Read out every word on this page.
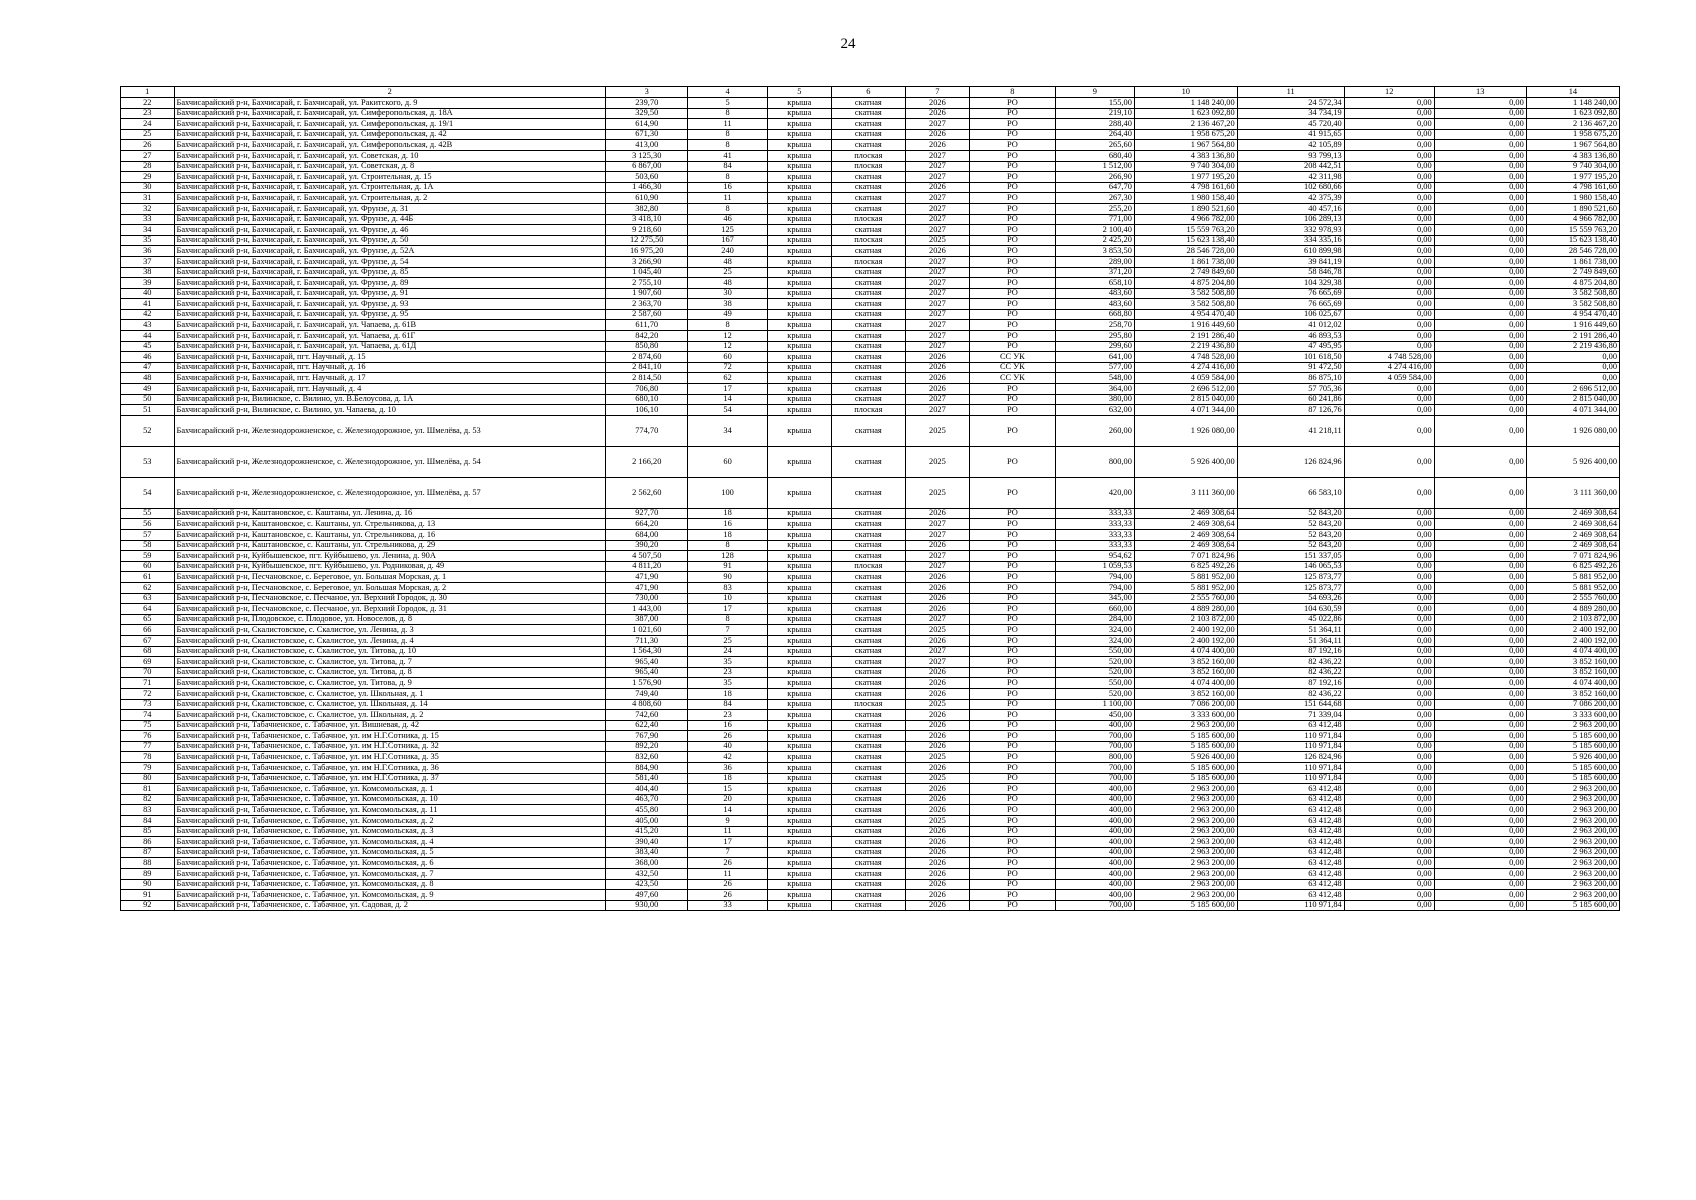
24
1	2	3	4	5	6	7	8	9	10	11	12	13	14
22	Бахчисарайский р-н, Бахчисарай, г. Бахчисарай, ул. Ракитского, д. 9	239,70	5	крыша	скатная	2026	РО	155,00	1 148 240,00	24 572,34	0,00	0,00	1 148 240,00
23	Бахчисарайский р-н, Бахчисарай, г. Бахчисарай, ул. Симферопольская, д. 18А	329,50	8	крыша	скатная	2026	РО	219,10	1 623 092,80	34 734,19	0,00	0,00	1 623 092,80
24	Бахчисарайский р-н, Бахчисарай, г. Бахчисарай, ул. Симферопольская, д. 19/1	614,90	11	крыша	скатная	2027	РО	288,40	2 136 467,20	45 720,40	0,00	0,00	2 136 467,20
25	Бахчисарайский р-н, Бахчисарай, г. Бахчисарай, ул. Симферопольская, д. 42	671,30	8	крыша	скатная	2026	РО	264,40	1 958 675,20	41 915,65	0,00	0,00	1 958 675,20
26	Бахчисарайский р-н, Бахчисарай, г. Бахчисарай, ул. Симферопольская, д. 42В	413,00	8	крыша	скатная	2026	РО	265,60	1 967 564,80	42 105,89	0,00	0,00	1 967 564,80
27	Бахчисарайский р-н, Бахчисарай, г. Бахчисарай, ул. Советская, д. 10	3 125,30	41	крыша	плоская	2027	РО	680,40	4 383 136,80	93 799,13	0,00	0,00	4 383 136,80
28	Бахчисарайский р-н, Бахчисарай, г. Бахчисарай, ул. Советская, д. 8	6 867,00	84	крыша	плоская	2027	РО	1 512,00	9 740 304,00	208 442,51	0,00	0,00	9 740 304,00
29	Бахчисарайский р-н, Бахчисарай, г. Бахчисарай, ул. Строительная, д. 15	503,60	8	крыша	скатная	2027	РО	266,90	1 977 195,20	42 311,98	0,00	0,00	1 977 195,20
30	Бахчисарайский р-н, Бахчисарай, г. Бахчисарай, ул. Строительная, д. 1А	1 466,30	16	крыша	скатная	2026	РО	647,70	4 798 161,60	102 680,66	0,00	0,00	4 798 161,60
31	Бахчисарайский р-н, Бахчисарай, г. Бахчисарай, ул. Строительная, д. 2	610,90	11	крыша	скатная	2027	РО	267,30	1 980 158,40	42 375,39	0,00	0,00	1 980 158,40
32	Бахчисарайский р-н, Бахчисарай, г. Бахчисарай, ул. Фрунзе, д. 31	382,80	8	крыша	скатная	2027	РО	255,20	1 890 521,60	40 457,16	0,00	0,00	1 890 521,60
33	Бахчисарайский р-н, Бахчисарай, г. Бахчисарай, ул. Фрунзе, д. 44Б	3 418,10	46	крыша	плоская	2027	РО	771,00	4 966 782,00	106 289,13	0,00	0,00	4 966 782,00
34	Бахчисарайский р-н, Бахчисарай, г. Бахчисарай, ул. Фрунзе, д. 46	9 218,60	125	крыша	скатная	2027	РО	2 100,40	15 559 763,20	332 978,93	0,00	0,00	15 559 763,20
35	Бахчисарайский р-н, Бахчисарай, г. Бахчисарай, ул. Фрунзе, д. 50	12 275,50	167	крыша	плоская	2025	РО	2 425,20	15 623 138,40	334 335,16	0,00	0,00	15 623 138,40
36	Бахчисарайский р-н, Бахчисарай, г. Бахчисарай, ул. Фрунзе, д. 52А	16 975,20	240	крыша	скатная	2026	РО	3 853,50	28 546 728,00	610 899,98	0,00	0,00	28 546 728,00
37	Бахчисарайский р-н, Бахчисарай, г. Бахчисарай, ул. Фрунзе, д. 54	3 266,90	48	крыша	плоская	2027	РО	289,00	1 861 738,00	39 841,19	0,00	0,00	1 861 738,00
38	Бахчисарайский р-н, Бахчисарай, г. Бахчисарай, ул. Фрунзе, д. 85	1 045,40	25	крыша	скатная	2027	РО	371,20	2 749 849,60	58 846,78	0,00	0,00	2 749 849,60
39	Бахчисарайский р-н, Бахчисарай, г. Бахчисарай, ул. Фрунзе, д. 89	2 755,10	48	крыша	скатная	2027	РО	658,10	4 875 204,80	104 329,38	0,00	0,00	4 875 204,80
40	Бахчисарайский р-н, Бахчисарай, г. Бахчисарай, ул. Фрунзе, д. 91	1 907,60	30	крыша	скатная	2027	РО	483,60	3 582 508,80	76 665,69	0,00	0,00	3 582 508,80
41	Бахчисарайский р-н, Бахчисарай, г. Бахчисарай, ул. Фрунзе, д. 93	2 363,70	38	крыша	скатная	2027	РО	483,60	3 582 508,80	76 665,69	0,00	0,00	3 582 508,80
42	Бахчисарайский р-н, Бахчисарай, г. Бахчисарай, ул. Фрунзе, д. 95	2 587,60	49	крыша	скатная	2027	РО	668,80	4 954 470,40	106 025,67	0,00	0,00	4 954 470,40
43	Бахчисарайский р-н, Бахчисарай, г. Бахчисарай, ул. Чапаева, д. 61В	611,70	8	крыша	скатная	2027	РО	258,70	1 916 449,60	41 012,02	0,00	0,00	1 916 449,60
44	Бахчисарайский р-н, Бахчисарай, г. Бахчисарай, ул. Чапаева, д. 61Г	842,20	12	крыша	скатная	2027	РО	295,80	2 191 286,40	46 893,53	0,00	0,00	2 191 286,40
45	Бахчисарайский р-н, Бахчисарай, г. Бахчисарай, ул. Чапаева, д. 61Д	850,80	12	крыша	скатная	2027	РО	299,60	2 219 436,80	47 495,95	0,00	0,00	2 219 436,80
46	Бахчисарайский р-н, Бахчисарай, пгт. Научный, д. 15	2 874,60	60	крыша	скатная	2026	СС УК	641,00	4 748 528,00	101 618,50	4 748 528,00	0,00	0,00
47	Бахчисарайский р-н, Бахчисарай, пгт. Научный, д. 16	2 841,10	72	крыша	скатная	2026	СС УК	577,00	4 274 416,00	91 472,50	4 274 416,00	0,00	0,00
48	Бахчисарайский р-н, Бахчисарай, пгт. Научный, д. 17	2 814,50	62	крыша	скатная	2026	СС УК	548,00	4 059 584,00	86 875,10	4 059 584,00	0,00	0,00
49	Бахчисарайский р-н, Бахчисарай, пгт. Научный, д. 4	706,80	17	крыша	скатная	2026	РО	364,00	2 696 512,00	57 705,36	0,00	0,00	2 696 512,00
50	Бахчисарайский р-н, Вилинское, с. Вилино, ул. В.Белоусова, д. 1А	680,10	14	крыша	скатная	2027	РО	380,00	2 815 040,00	60 241,86	0,00	0,00	2 815 040,00
51	Бахчисарайский р-н, Вилинское, с. Вилино, ул. Чапаева, д. 10	106,10	54	крыша	плоская	2027	РО	632,00	4 071 344,00	87 126,76	0,00	0,00	4 071 344,00
52	Бахчисарайский р-н, Железнодорожненское, с. Железнодорожное, ул. Шмелёва, д. 53	774,70	34	крыша	скатная	2025	РО	260,00	1 926 080,00	41 218,11	0,00	0,00	1 926 080,00
53	Бахчисарайский р-н, Железнодорожненское, с. Железнодорожное, ул. Шмелёва, д. 54	2 166,20	60	крыша	скатная	2025	РО	800,00	5 926 400,00	126 824,96	0,00	0,00	5 926 400,00
54	Бахчисарайский р-н, Железнодорожненское, с. Железнодорожное, ул. Шмелёва, д. 57	2 562,60	100	крыша	скатная	2025	РО	420,00	3 111 360,00	66 583,10	0,00	0,00	3 111 360,00
55	Бахчисарайский р-н, Каштановское, с. Каштаны, ул. Ленина, д. 16	927,70	18	крыша	скатная	2026	РО	333,33	2 469 308,64	52 843,20	0,00	0,00	2 469 308,64
56	Бахчисарайский р-н, Каштановское, с. Каштаны, ул. Стрельникова, д. 13	664,20	16	крыша	скатная	2027	РО	333,33	2 469 308,64	52 843,20	0,00	0,00	2 469 308,64
57	Бахчисарайский р-н, Каштановское, с. Каштаны, ул. Стрельникова, д. 16	684,00	18	крыша	скатная	2027	РО	333,33	2 469 308,64	52 843,20	0,00	0,00	2 469 308,64
58	Бахчисарайский р-н, Каштановское, с. Каштаны, ул. Стрельникова, д. 29	390,20	8	крыша	скатная	2026	РО	333,33	2 469 308,64	52 843,20	0,00	0,00	2 469 308,64
59	Бахчисарайский р-н, Куйбышевское, пгт. Куйбышево, ул. Ленина, д. 90А	4 507,50	128	крыша	скатная	2027	РО	954,62	7 071 824,96	151 337,05	0,00	0,00	7 071 824,96
60	Бахчисарайский р-н, Куйбышевское, пгт. Куйбышево, ул. Родниковая, д. 49	4 811,20	91	крыша	плоская	2027	РО	1 059,53	6 825 492,26	146 065,53	0,00	0,00	6 825 492,26
61	Бахчисарайский р-н, Песчановское, с. Береговое, ул. Большая Морская, д. 1	471,90	90	крыша	скатная	2026	РО	794,00	5 881 952,00	125 873,77	0,00	0,00	5 881 952,00
62	Бахчисарайский р-н, Песчановское, с. Береговое, ул. Большая Морская, д. 2	471,90	83	крыша	скатная	2026	РО	794,00	5 881 952,00	125 873,77	0,00	0,00	5 881 952,00
63	Бахчисарайский р-н, Песчановское, с. Песчаное, ул. Верхний Городок, д. 30	730,00	10	крыша	скатная	2026	РО	345,00	2 555 760,00	54 693,26	0,00	0,00	2 555 760,00
64	Бахчисарайский р-н, Песчановское, с. Песчаное, ул. Верхний Городок, д. 31	1 443,00	17	крыша	скатная	2026	РО	660,00	4 889 280,00	104 630,59	0,00	0,00	4 889 280,00
65	Бахчисарайский р-н, Плодовское, с. Плодовое, ул. Новоселов, д. 8	387,00	8	крыша	скатная	2027	РО	284,00	2 103 872,00	45 022,86	0,00	0,00	2 103 872,00
66	Бахчисарайский р-н, Скалистовское, с. Скалистое, ул. Ленина, д. 3	1 021,60	7	крыша	скатная	2025	РО	324,00	2 400 192,00	51 364,11	0,00	0,00	2 400 192,00
67	Бахчисарайский р-н, Скалистовское, с. Скалистое, ул. Ленина, д. 4	711,30	25	крыша	скатная	2026	РО	324,00	2 400 192,00	51 364,11	0,00	0,00	2 400 192,00
68	Бахчисарайский р-н, Скалистовское, с. Скалистое, ул. Титова, д. 10	1 564,30	24	крыша	скатная	2027	РО	550,00	4 074 400,00	87 192,16	0,00	0,00	4 074 400,00
69	Бахчисарайский р-н, Скалистовское, с. Скалистое, ул. Титова, д. 7	965,40	35	крыша	скатная	2027	РО	520,00	3 852 160,00	82 436,22	0,00	0,00	3 852 160,00
70	Бахчисарайский р-н, Скалистовское, с. Скалистое, ул. Титова, д. 8	965,40	23	крыша	скатная	2026	РО	520,00	3 852 160,00	82 436,22	0,00	0,00	3 852 160,00
71	Бахчисарайский р-н, Скалистовское, с. Скалистое, ул. Титова, д. 9	1 576,90	35	крыша	скатная	2026	РО	550,00	4 074 400,00	87 192,16	0,00	0,00	4 074 400,00
72	Бахчисарайский р-н, Скалистовское, с. Скалистое, ул. Школьная, д. 1	749,40	18	крыша	скатная	2026	РО	520,00	3 852 160,00	82 436,22	0,00	0,00	3 852 160,00
73	Бахчисарайский р-н, Скалистовское, с. Скалистое, ул. Школьная, д. 14	4 808,60	84	крыша	плоская	2025	РО	1 100,00	7 086 200,00	151 644,68	0,00	0,00	7 086 200,00
74	Бахчисарайский р-н, Скалистовское, с. Скалистое, ул. Школьная, д. 2	742,60	23	крыша	скатная	2026	РО	450,00	3 333 600,00	71 339,04	0,00	0,00	3 333 600,00
75	Бахчисарайский р-н, Табачненское, с. Табачное, ул. Вишневая, д. 42	622,40	16	крыша	скатная	2026	РО	400,00	2 963 200,00	63 412,48	0,00	0,00	2 963 200,00
76	Бахчисарайский р-н, Табачненское, с. Табачное, ул. им Н.Г.Сотника, д. 15	767,90	26	крыша	скатная	2026	РО	700,00	5 185 600,00	110 971,84	0,00	0,00	5 185 600,00
77	Бахчисарайский р-н, Табачненское, с. Табачное, ул. им Н.Г.Сотника, д. 32	892,20	40	крыша	скатная	2026	РО	700,00	5 185 600,00	110 971,84	0,00	0,00	5 185 600,00
78	Бахчисарайский р-н, Табачненское, с. Табачное, ул. им Н.Г.Сотника, д. 35	832,60	42	крыша	скатная	2025	РО	800,00	5 926 400,00	126 824,96	0,00	0,00	5 926 400,00
79	Бахчисарайский р-н, Табачненское, с. Табачное, ул. им Н.Г.Сотника, д. 36	884,90	36	крыша	скатная	2026	РО	700,00	5 185 600,00	110 971,84	0,00	0,00	5 185 600,00
80	Бахчисарайский р-н, Табачненское, с. Табачное, ул. им Н.Г.Сотника, д. 37	581,40	18	крыша	скатная	2025	РО	700,00	5 185 600,00	110 971,84	0,00	0,00	5 185 600,00
81	Бахчисарайский р-н, Табачненское, с. Табачное, ул. Комсомольская, д. 1	404,40	15	крыша	скатная	2026	РО	400,00	2 963 200,00	63 412,48	0,00	0,00	2 963 200,00
82	Бахчисарайский р-н, Табачненское, с. Табачное, ул. Комсомольская, д. 10	463,70	20	крыша	скатная	2026	РО	400,00	2 963 200,00	63 412,48	0,00	0,00	2 963 200,00
83	Бахчисарайский р-н, Табачненское, с. Табачное, ул. Комсомольская, д. 11	455,80	14	крыша	скатная	2026	РО	400,00	2 963 200,00	63 412,48	0,00	0,00	2 963 200,00
84	Бахчисарайский р-н, Табачненское, с. Табачное, ул. Комсомольская, д. 2	405,00	9	крыша	скатная	2025	РО	400,00	2 963 200,00	63 412,48	0,00	0,00	2 963 200,00
85	Бахчисарайский р-н, Табачненское, с. Табачное, ул. Комсомольская, д. 3	415,20	11	крыша	скатная	2026	РО	400,00	2 963 200,00	63 412,48	0,00	0,00	2 963 200,00
86	Бахчисарайский р-н, Табачненское, с. Табачное, ул. Комсомольская, д. 4	390,40	17	крыша	скатная	2026	РО	400,00	2 963 200,00	63 412,48	0,00	0,00	2 963 200,00
87	Бахчисарайский р-н, Табачненское, с. Табачное, ул. Комсомольская, д. 5	383,40	7	крыша	скатная	2026	РО	400,00	2 963 200,00	63 412,48	0,00	0,00	2 963 200,00
88	Бахчисарайский р-н, Табачненское, с. Табачное, ул. Комсомольская, д. 6	368,00	26	крыша	скатная	2026	РО	400,00	2 963 200,00	63 412,48	0,00	0,00	2 963 200,00
89	Бахчисарайский р-н, Табачненское, с. Табачное, ул. Комсомольская, д. 7	432,50	11	крыша	скатная	2026	РО	400,00	2 963 200,00	63 412,48	0,00	0,00	2 963 200,00
90	Бахчисарайский р-н, Табачненское, с. Табачное, ул. Комсомольская, д. 8	423,50	26	крыша	скатная	2026	РО	400,00	2 963 200,00	63 412,48	0,00	0,00	2 963 200,00
91	Бахчисарайский р-н, Табачненское, с. Табачное, ул. Комсомольская, д. 9	497,60	26	крыша	скатная	2026	РО	400,00	2 963 200,00	63 412,48	0,00	0,00	2 963 200,00
92	Бахчисарайский р-н, Табачненское, с. Табачное, ул. Садовая, д. 2	930,00	33	крыша	скатная	2026	РО	700,00	5 185 600,00	110 971,84	0,00	0,00	5 185 600,00
